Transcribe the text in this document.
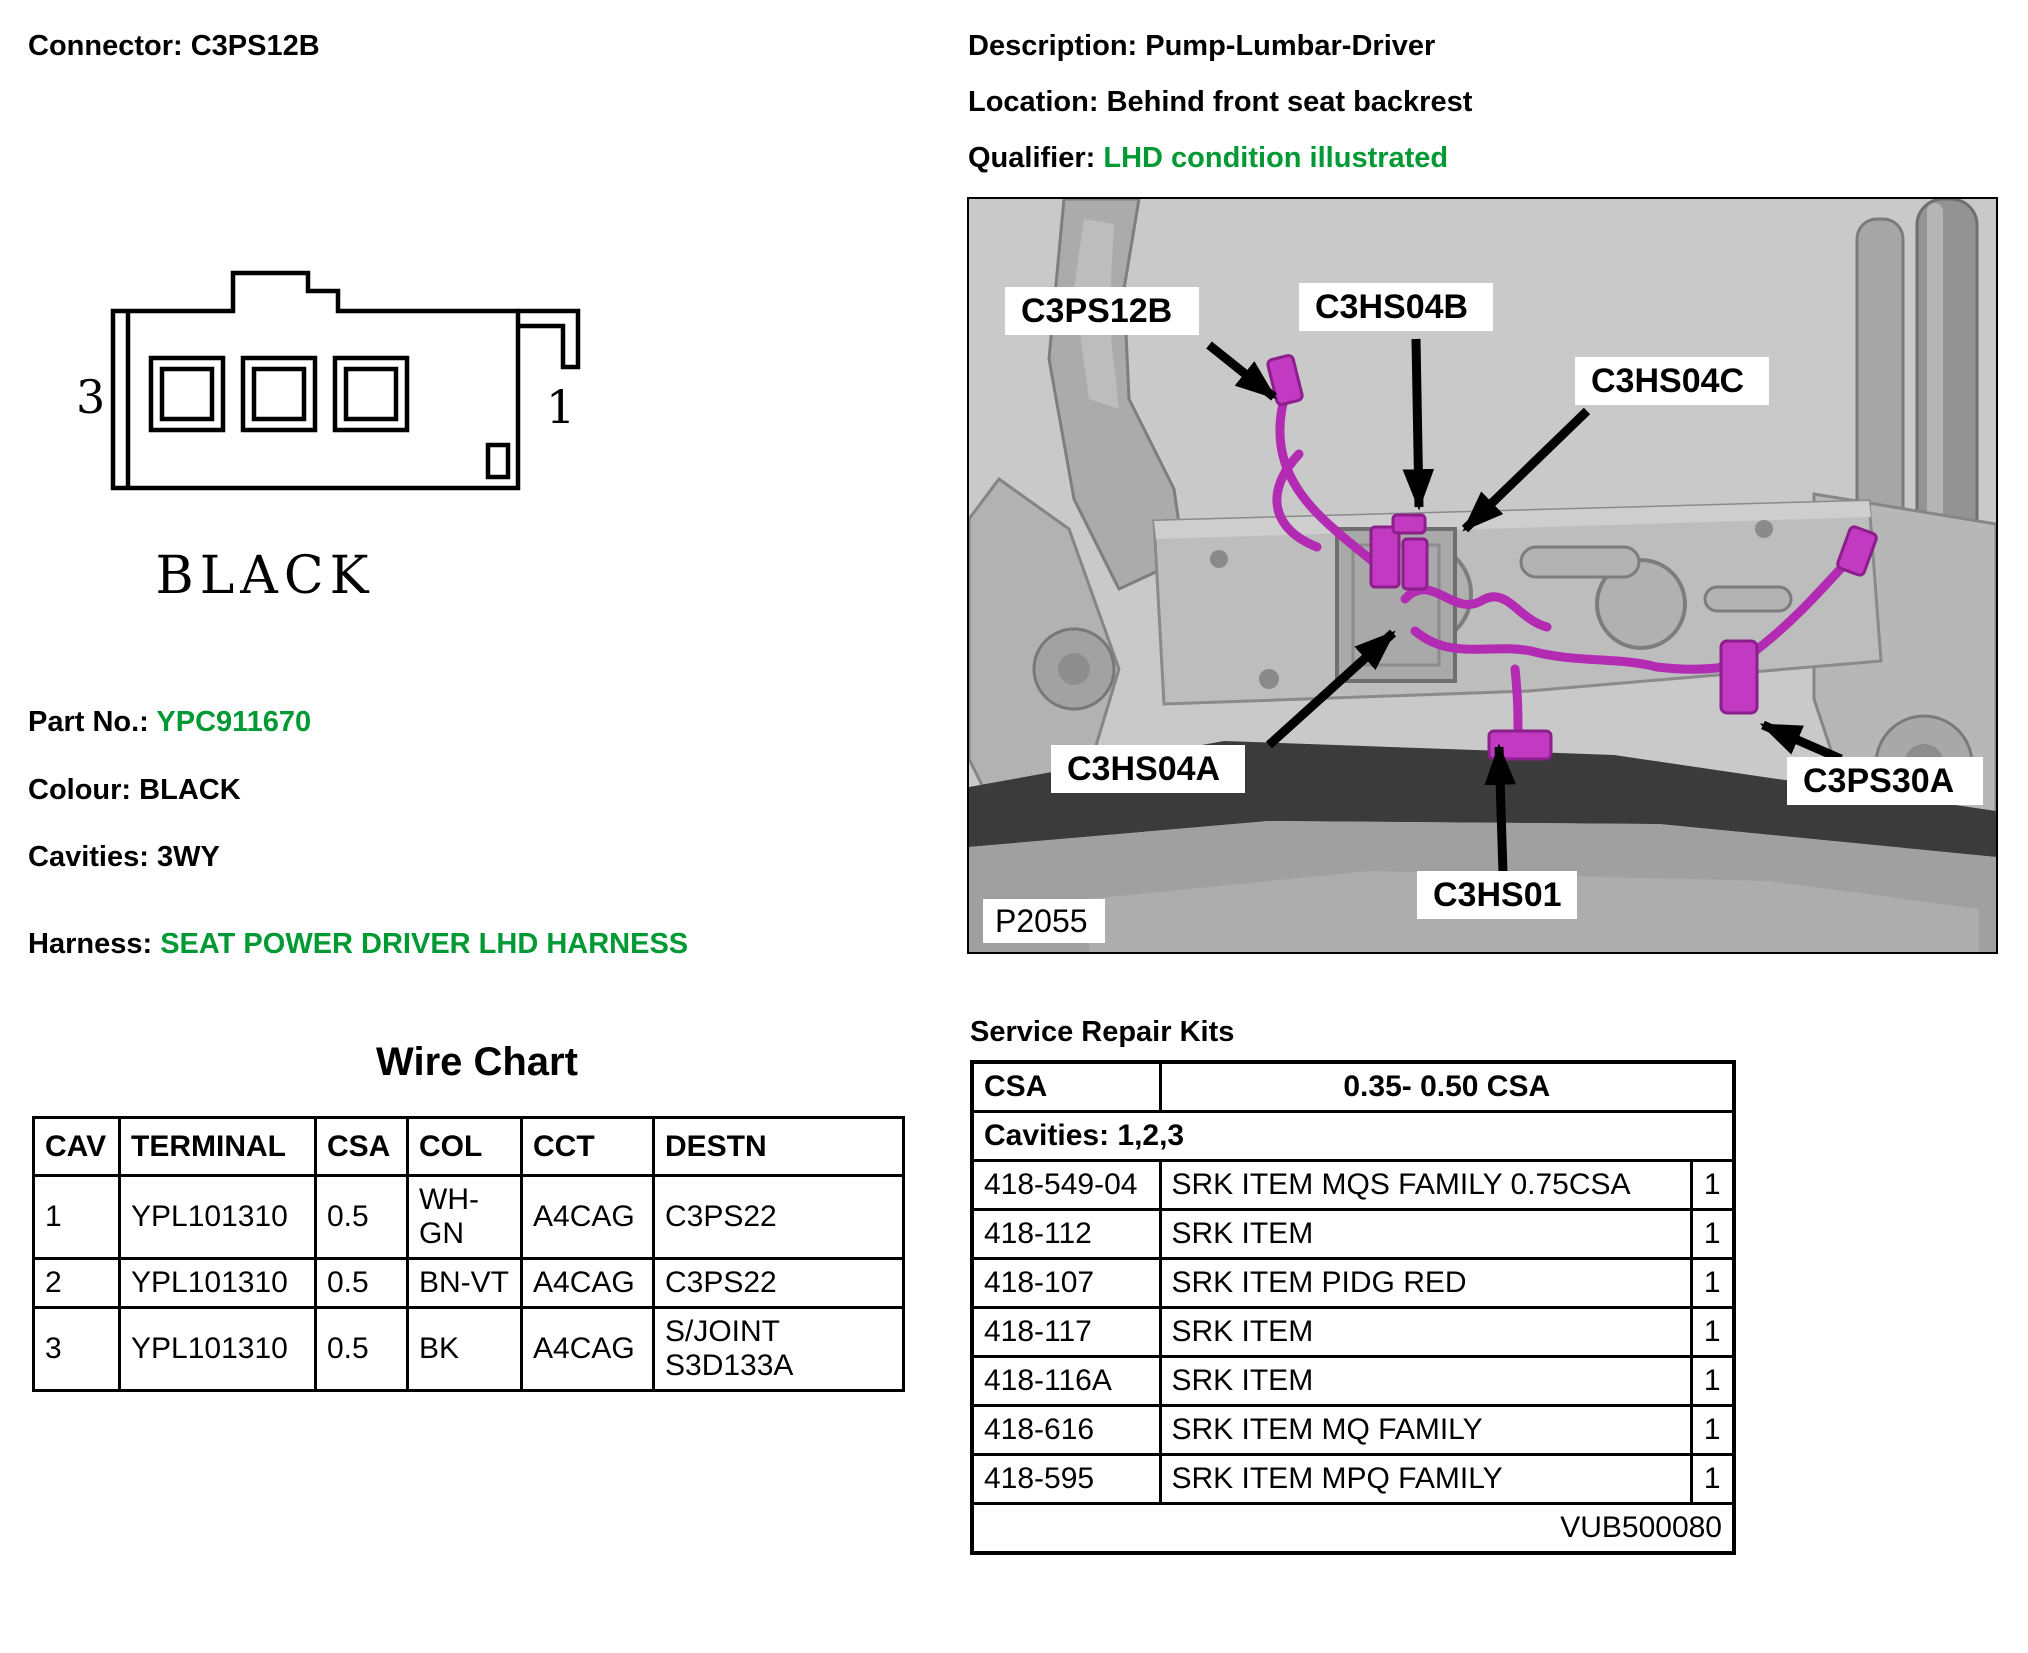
Connector: C3PS12B	Description: Pump-Lumbar-Driver
Location: Behind front seat backrest
Qualifier: LHD condition illustrated
3	1
BLACK
Part No.: YPC911670
Colour: BLACK
Cavities: 3WY
Harness: SEAT POWER DRIVER LHD HARNESS
C3PS12B	C3HS04B
C3HS04C
C3HS04A	C3PS30A
C3HS01
P2055
Wire Chart
CAV	TERMINAL	CSA	COL	CCT	DESTN
1	YPL101310	0.5	WH-GN	A4CAG	C3PS22
2	YPL101310	0.5	BN-VT	A4CAG	C3PS22
3	YPL101310	0.5	BK	A4CAG	S/JOINT S3D133A
Service Repair Kits
CSA	0.35- 0.50 CSA	
Cavities: 1,2,3		
418-549-04	SRK ITEM MQS FAMILY 0.75CSA	1
418-112	SRK ITEM	1
418-107	SRK ITEM PIDG RED	1
418-117	SRK ITEM	1
418-116A	SRK ITEM	1
418-616	SRK ITEM MQ FAMILY	1
418-595	SRK ITEM MPQ FAMILY	1
VUB500080		
